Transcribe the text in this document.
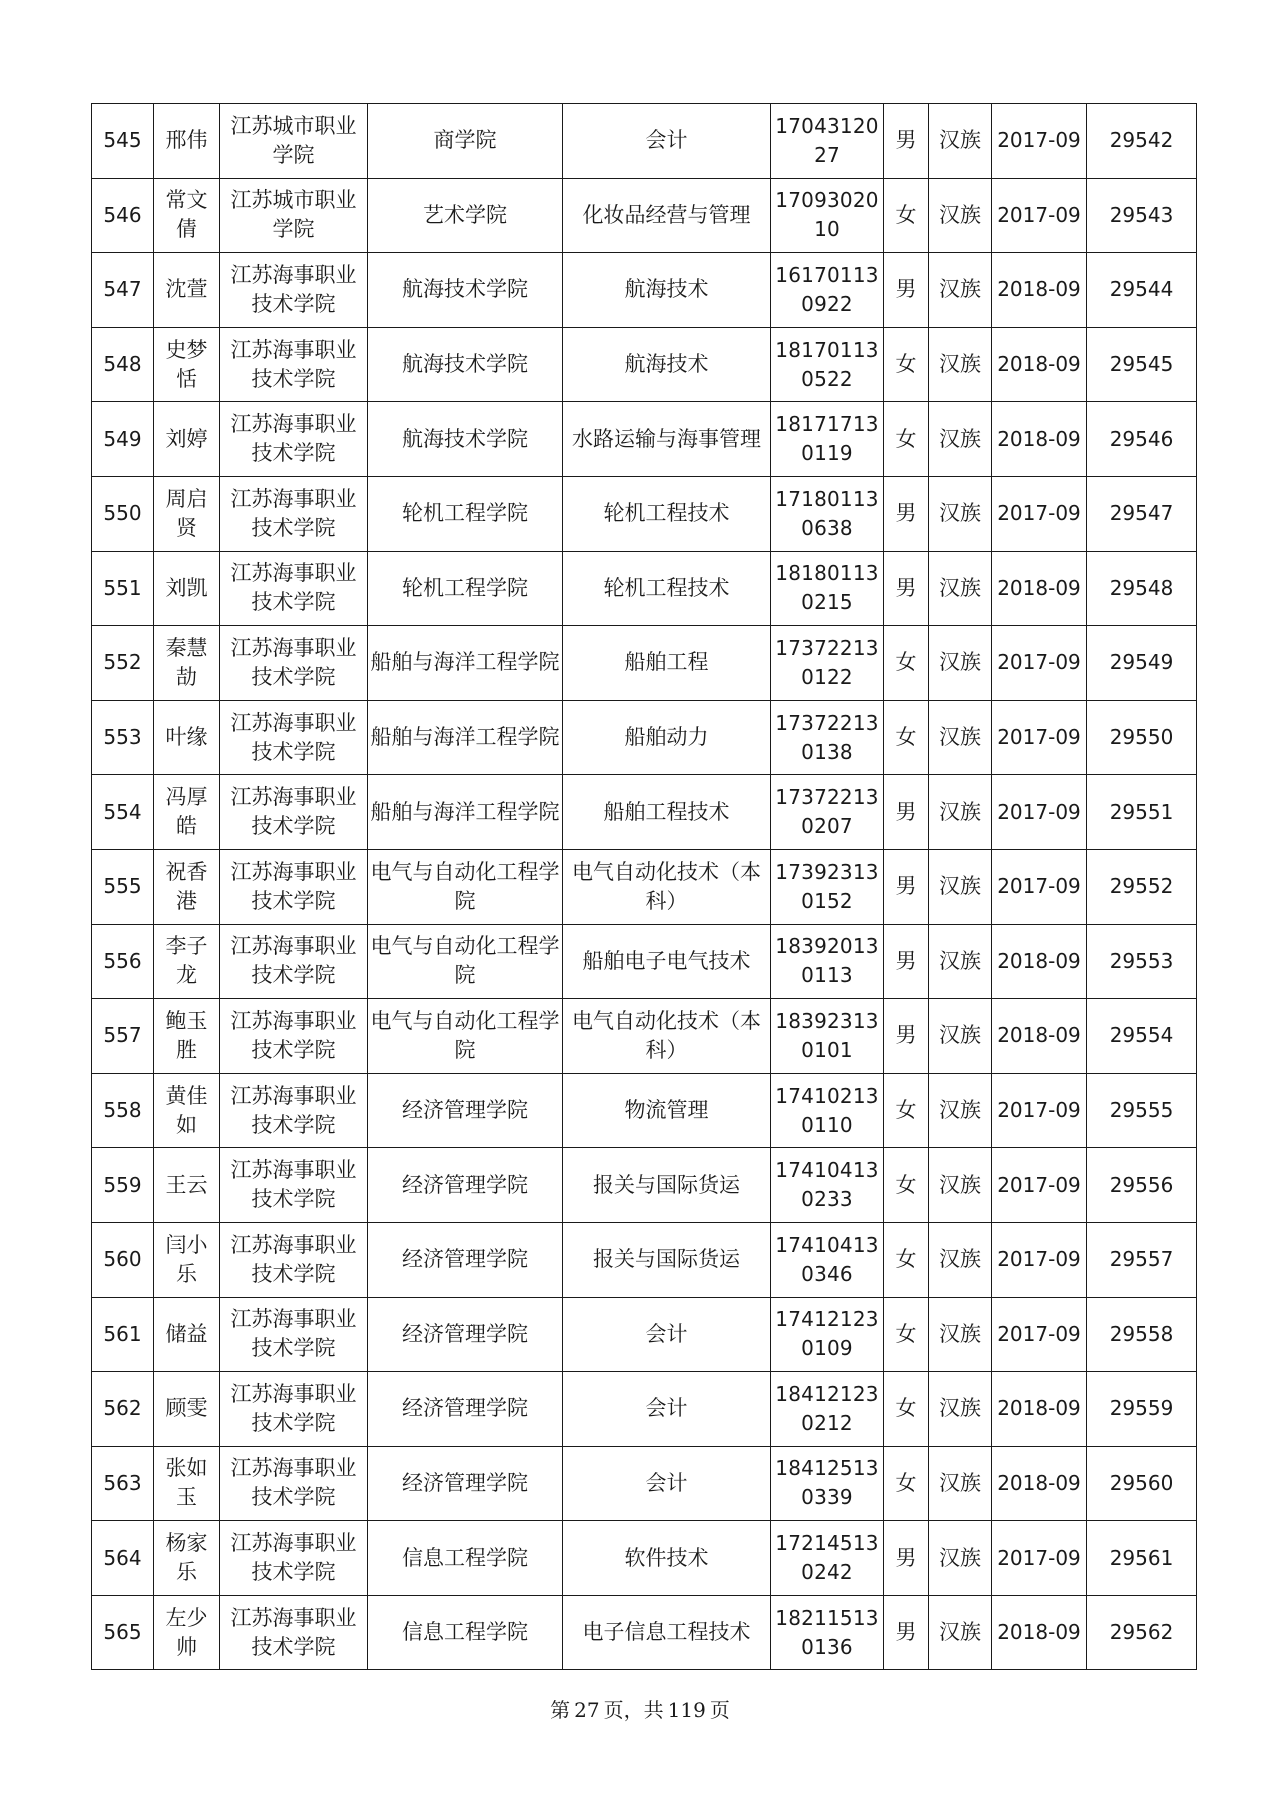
545	邢伟	江苏城市职业学院	商学院	会计	1704312027	男	汉族	2017-09	29542
546	常文倩	江苏城市职业学院	艺术学院	化妆品经营与管理	1709302010	女	汉族	2017-09	29543
547	沈萱	江苏海事职业技术学院	航海技术学院	航海技术	161701130922	男	汉族	2018-09	29544
548	史梦恬	江苏海事职业技术学院	航海技术学院	航海技术	181701130522	女	汉族	2018-09	29545
549	刘婷	江苏海事职业技术学院	航海技术学院	水路运输与海事管理	181717130119	女	汉族	2018-09	29546
550	周启贤	江苏海事职业技术学院	轮机工程学院	轮机工程技术	171801130638	男	汉族	2017-09	29547
551	刘凯	江苏海事职业技术学院	轮机工程学院	轮机工程技术	181801130215	男	汉族	2018-09	29548
552	秦慧劼	江苏海事职业技术学院	船舶与海洋工程学院	船舶工程	173722130122	女	汉族	2017-09	29549
553	叶缘	江苏海事职业技术学院	船舶与海洋工程学院	船舶动力	173722130138	女	汉族	2017-09	29550
554	冯厚皓	江苏海事职业技术学院	船舶与海洋工程学院	船舶工程技术	173722130207	男	汉族	2017-09	29551
555	祝香港	江苏海事职业技术学院	电气与自动化工程学院	电气自动化技术（本科）	173923130152	男	汉族	2017-09	29552
556	李子龙	江苏海事职业技术学院	电气与自动化工程学院	船舶电子电气技术	183920130113	男	汉族	2018-09	29553
557	鲍玉胜	江苏海事职业技术学院	电气与自动化工程学院	电气自动化技术（本科）	183923130101	男	汉族	2018-09	29554
558	黄佳如	江苏海事职业技术学院	经济管理学院	物流管理	174102130110	女	汉族	2017-09	29555
559	王云	江苏海事职业技术学院	经济管理学院	报关与国际货运	174104130233	女	汉族	2017-09	29556
560	闫小乐	江苏海事职业技术学院	经济管理学院	报关与国际货运	174104130346	女	汉族	2017-09	29557
561	储益	江苏海事职业技术学院	经济管理学院	会计	174121230109	女	汉族	2017-09	29558
562	顾雯	江苏海事职业技术学院	经济管理学院	会计	184121230212	女	汉族	2018-09	29559
563	张如玉	江苏海事职业技术学院	经济管理学院	会计	184125130339	女	汉族	2018-09	29560
564	杨家乐	江苏海事职业技术学院	信息工程学院	软件技术	172145130242	男	汉族	2017-09	29561
565	左少帅	江苏海事职业技术学院	信息工程学院	电子信息工程技术	182115130136	男	汉族	2018-09	29562
第 27 页，共 119 页
